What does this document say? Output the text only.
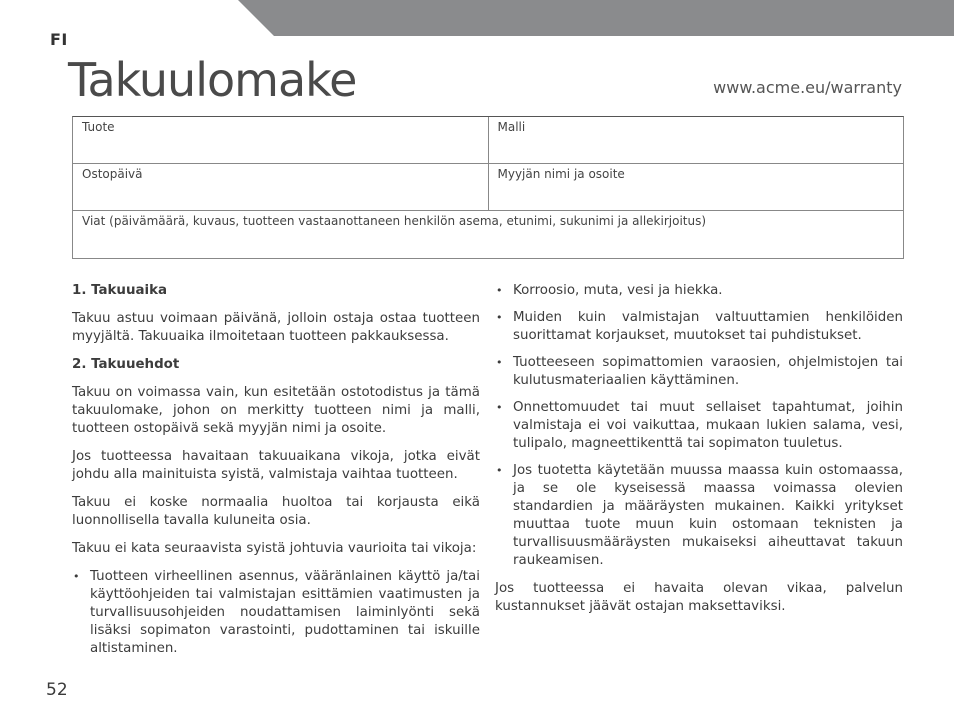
FI
Takuulomake	www.acme.eu/warranty
Tuote	Malli
Ostopäivä	Myyjän nimi ja osoite
Viat (päivämäärä, kuvaus, tuotteen vastaanottaneen henkilön asema, etunimi, sukunimi ja allekirjoitus)
1. Takuuaika

Takuu astuu voimaan päivänä, jolloin ostaja ostaa tuotteen myyjältä. Takuuaika ilmoitetaan tuotteen pakkauksessa.

2. Takuuehdot

Takuu on voimassa vain, kun esitetään ostotodistus ja tämä takuulomake, johon on merkitty tuotteen nimi ja malli, tuotteen ostopäivä sekä myyjän nimi ja osoite.

Jos tuotteessa havaitaan takuuaikana vikoja, jotka eivät johdu alla mainituista syistä, valmistaja vaihtaa tuotteen.

Takuu ei koske normaalia huoltoa tai korjausta eikä luonnollisella tavalla kuluneita osia.

Takuu ei kata seuraavista syistä johtuvia vaurioita tai vikoja:

• Tuotteen virheellinen asennus, vääränlainen käyttö ja/tai käyttöohjeiden tai valmistajan esittämien vaatimusten ja turvallisuusohjeiden noudattamisen laiminlyönti sekä lisäksi sopimaton varastointi, pudottaminen tai iskuille altistaminen.
• Korroosio, muta, vesi ja hiekka.
• Muiden kuin valmistajan valtuuttamien henkilöiden suorittamat korjaukset, muutokset tai puhdistukset.
• Tuotteeseen sopimattomien varaosien, ohjelmistojen tai kulutusmateriaalien käyttäminen.
• Onnettomuudet tai muut sellaiset tapahtumat, joihin valmistaja ei voi vaikuttaa, mukaan lukien salama, vesi, tulipalo, magneettikenttä tai sopimaton tuuletus.
• Jos tuotetta käytetään muussa maassa kuin ostomaassa, ja se ole kyseisessä maassa voimassa olevien standardien ja määräysten mukainen. Kaikki yritykset muuttaa tuote muun kuin ostomaan teknisten ja turvallisuusmääräysten mukaiseksi aiheuttavat takuun raukeamisen.

Jos tuotteessa ei havaita olevan vikaa, palvelun kustannukset jäävät ostajan maksettaviksi.

52
